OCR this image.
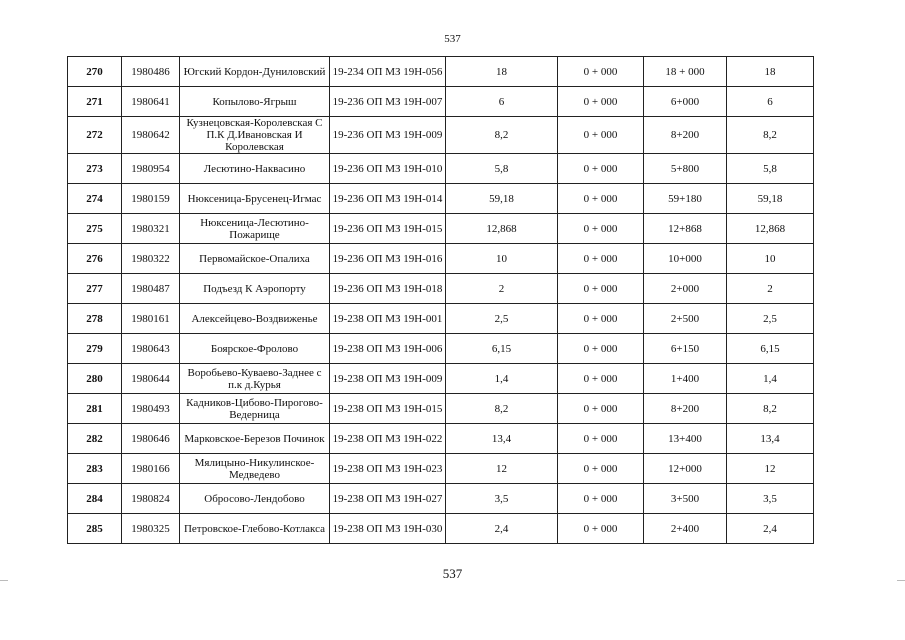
537
270	1980486	Югский Кордон-Дуниловский	19-234 ОП МЗ 19Н-056	18	0 + 000	18 + 000	18
271	1980641	Копылово-Ягрыш	19-236 ОП МЗ 19Н-007	6	0 + 000	6+000	6
272	1980642	Кузнецовская-Королевская С П.К Д.Ивановская И Королевская	19-236 ОП МЗ 19Н-009	8,2	0 + 000	8+200	8,2
273	1980954	Лесютино-Наквасино	19-236 ОП МЗ 19Н-010	5,8	0 + 000	5+800	5,8
274	1980159	Нюксеница-Брусенец-Игмас	19-236 ОП МЗ 19Н-014	59,18	0 + 000	59+180	59,18
275	1980321	Нюксеница-Лесютино-Пожарище	19-236 ОП МЗ 19Н-015	12,868	0 + 000	12+868	12,868
276	1980322	Первомайское-Опалиха	19-236 ОП МЗ 19Н-016	10	0 + 000	10+000	10
277	1980487	Подъезд К Аэропорту	19-236 ОП МЗ 19Н-018	2	0 + 000	2+000	2
278	1980161	Алексейцево-Воздвиженье	19-238 ОП МЗ 19Н-001	2,5	0 + 000	2+500	2,5
279	1980643	Боярское-Фролово	19-238 ОП МЗ 19Н-006	6,15	0 + 000	6+150	6,15
280	1980644	Воробьево-Куваево-Заднее с п.к д.Курья	19-238 ОП МЗ 19Н-009	1,4	0 + 000	1+400	1,4
281	1980493	Кадников-Цибово-Пирогово-Ведерница	19-238 ОП МЗ 19Н-015	8,2	0 + 000	8+200	8,2
282	1980646	Марковское-Березов Починок	19-238 ОП МЗ 19Н-022	13,4	0 + 000	13+400	13,4
283	1980166	Мялицыно-Никулинское-Медведево	19-238 ОП МЗ 19Н-023	12	0 + 000	12+000	12
284	1980824	Обросово-Лендобово	19-238 ОП МЗ 19Н-027	3,5	0 + 000	3+500	3,5
285	1980325	Петровское-Глебово-Котлакса	19-238 ОП МЗ 19Н-030	2,4	0 + 000	2+400	2,4
537
